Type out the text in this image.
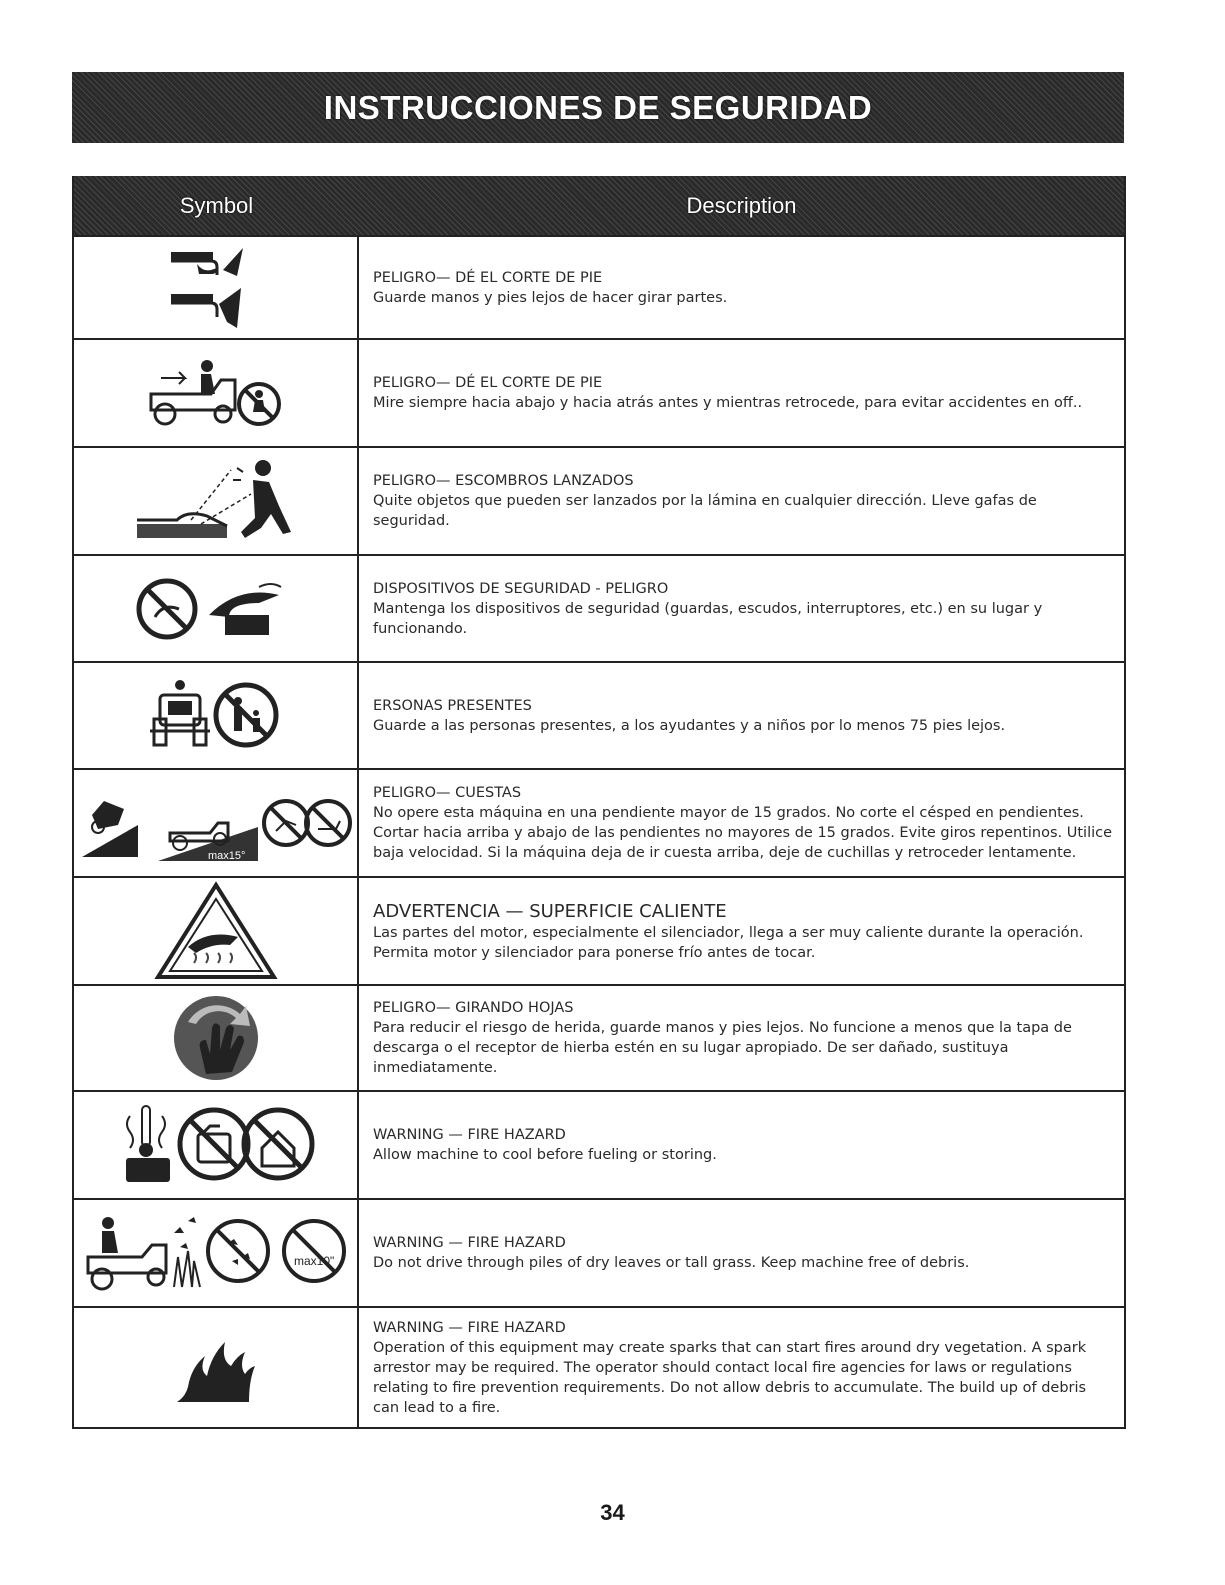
INSTRUCCIONES DE SEGURIDAD
Symbol	Description
PELIGRO— DÉ EL CORTE DE PIE
Guarde manos y pies lejos de hacer girar partes.
PELIGRO— DÉ EL CORTE DE PIE
Mire siempre hacia abajo y hacia atrás antes y mientras retrocede, para evitar accidentes en off..
PELIGRO— ESCOMBROS LANZADOS
Quite objetos que pueden ser lanzados por la lámina en cualquier dirección. Lleve gafas de seguridad.
DISPOSITIVOS DE SEGURIDAD - PELIGRO
Mantenga los dispositivos de seguridad (guardas, escudos, interruptores, etc.) en su lugar y funcionando.
ERSONAS PRESENTES
Guarde a las personas presentes, a los ayudantes y a niños por lo menos 75 pies lejos.
max15°
PELIGRO— CUESTAS
No opere esta máquina en una pendiente mayor de 15 grados. No corte el césped en pendientes. Cortar hacia arriba y abajo de las pendientes no mayores de 15 grados. Evite giros repentinos. Utilice baja velocidad. Si la máquina deja de ir cuesta arriba, deje de cuchillas y retroceder lentamente.
ADVERTENCIA — SUPERFICIE CALIENTE
Las partes del motor, especialmente el silenciador, llega a ser muy caliente durante la operación. Permita motor y silenciador para ponerse frío antes de tocar.
PELIGRO— GIRANDO HOJAS
Para reducir el riesgo de herida, guarde manos y pies lejos. No funcione a menos que la tapa de descarga o el receptor de hierba estén en su lugar apropiado. De ser dañado, sustituya inmediatamente.
WARNING — FIRE HAZARD
Allow machine to cool before fueling or storing.
max10"
WARNING — FIRE HAZARD
Do not drive through piles of dry leaves or tall grass. Keep machine free of debris.
WARNING — FIRE HAZARD
Operation of this equipment may create sparks that can start fires around dry vegetation. A spark arrestor may be required. The operator should contact local fire agencies for laws or regulations relating to fire prevention requirements. Do not allow debris to accumulate. The build up of debris can lead to a fire.
34
